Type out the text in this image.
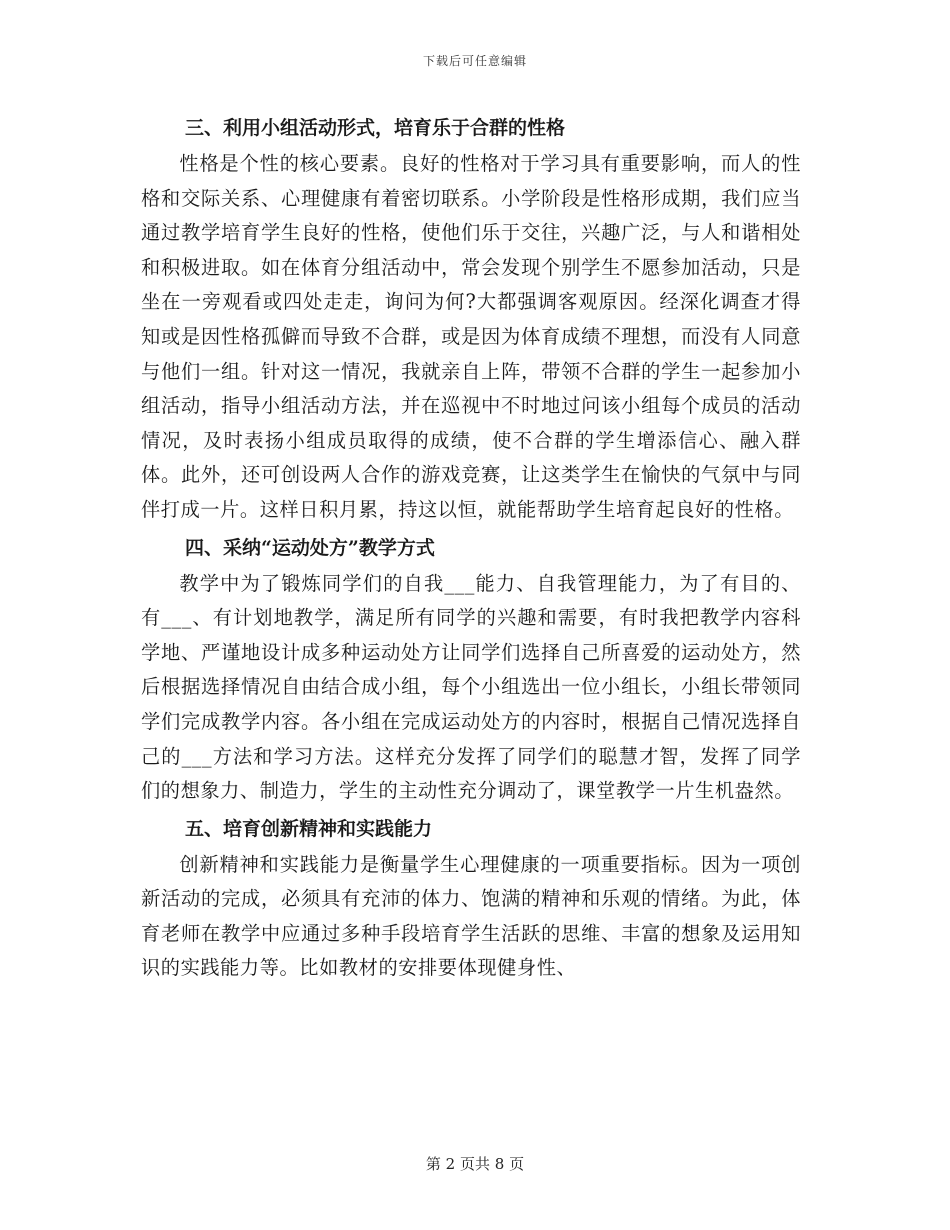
下载后可任意编辑
三、利用小组活动形式，培育乐于合群的性格

性格是个性的核心要素。良好的性格对于学习具有重要影响，而人的性格和交际关系、心理健康有着密切联系。小学阶段是性格形成期，我们应当通过教学培育学生良好的性格，使他们乐于交往，兴趣广泛，与人和谐相处和积极进取。如在体育分组活动中，常会发现个别学生不愿参加活动，只是坐在一旁观看或四处走走，询问为何?大都强调客观原因。经深化调查才得知或是因性格孤僻而导致不合群，或是因为体育成绩不理想，而没有人同意与他们一组。针对这一情况，我就亲自上阵，带领不合群的学生一起参加小组活动，指导小组活动方法，并在巡视中不时地过问该小组每个成员的活动情况，及时表扬小组成员取得的成绩，使不合群的学生增添信心、融入群体。此外，还可创设两人合作的游戏竞赛，让这类学生在愉快的气氛中与同伴打成一片。这样日积月累，持这以恒，就能帮助学生培育起良好的性格。

四、采纳“运动处方”教学方式

教学中为了锻炼同学们的自我___能力、自我管理能力，为了有目的、有___、有计划地教学，满足所有同学的兴趣和需要，有时我把教学内容科学地、严谨地设计成多种运动处方让同学们选择自己所喜爱的运动处方，然后根据选择情况自由结合成小组，每个小组选出一位小组长，小组长带领同学们完成教学内容。各小组在完成运动处方的内容时，根据自己情况选择自己的___方法和学习方法。这样充分发挥了同学们的聪慧才智，发挥了同学们的想象力、制造力，学生的主动性充分调动了，课堂教学一片生机盎然。

五、培育创新精神和实践能力

创新精神和实践能力是衡量学生心理健康的一项重要指标。因为一项创新活动的完成，必须具有充沛的体力、饱满的精神和乐观的情绪。为此，体育老师在教学中应通过多种手段培育学生活跃的思维、丰富的想象及运用知识的实践能力等。比如教材的安排要体现健身性、

第 2 页共 8 页
